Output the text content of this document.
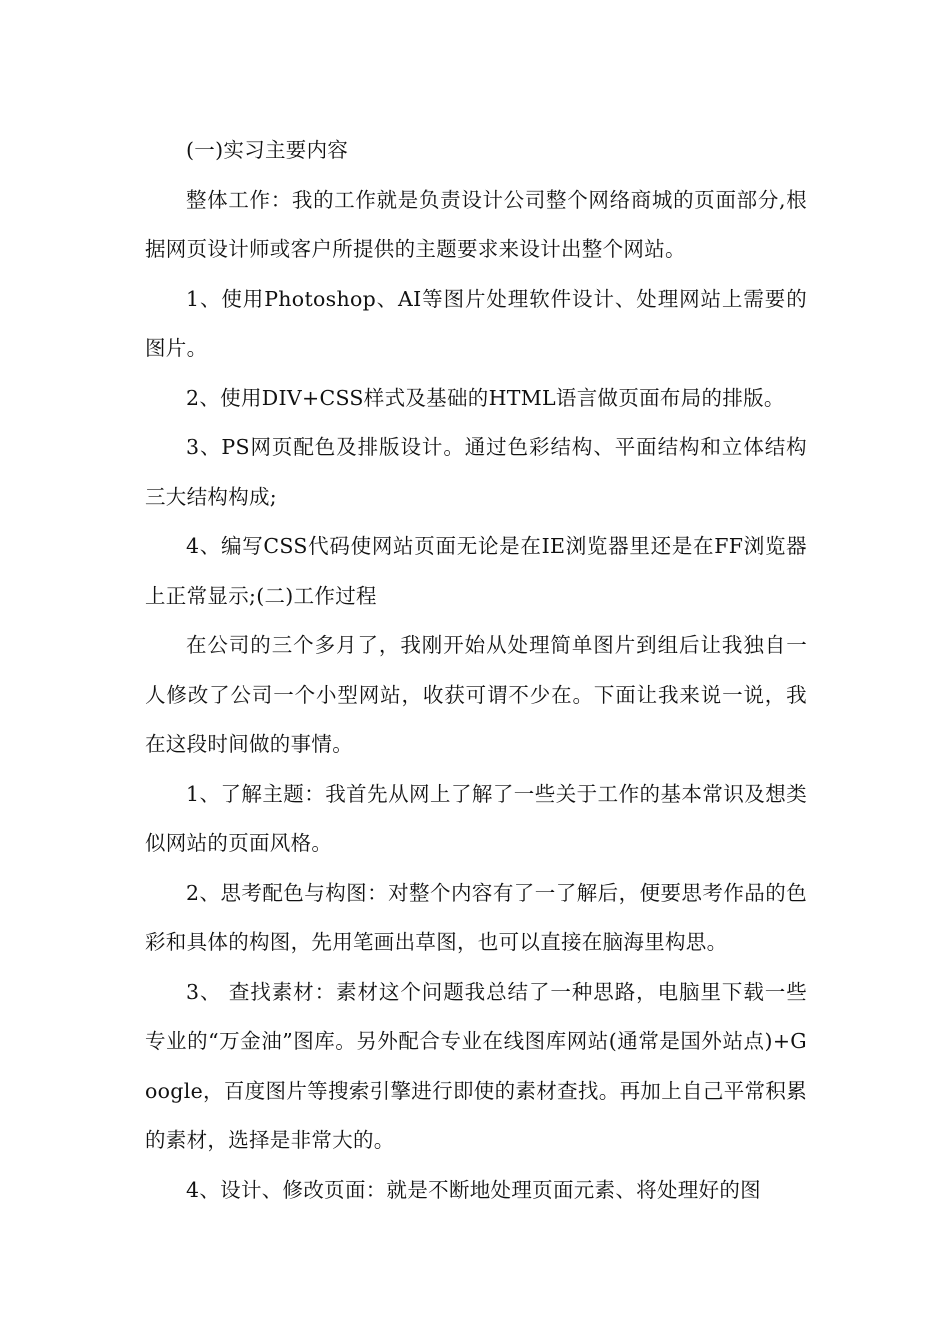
(一)实习主要内容

整体工作：我的工作就是负责设计公司整个网络商城的页面部分,根据网页设计师或客户所提供的主题要求来设计出整个网站。

1、使用Photoshop、AI等图片处理软件设计、处理网站上需要的图片。

2、使用DIV+CSS样式及基础的HTML语言做页面布局的排版。

3、PS网页配色及排版设计。通过色彩结构、平面结构和立体结构三大结构构成;

4、编写CSS代码使网站页面无论是在IE浏览器里还是在FF浏览器上正常显示;(二)工作过程

在公司的三个多月了，我刚开始从处理简单图片到组后让我独自一人修改了公司一个小型网站，收获可谓不少在。下面让我来说一说，我在这段时间做的事情。

1、了解主题：我首先从网上了解了一些关于工作的基本常识及想类似网站的页面风格。

2、思考配色与构图：对整个内容有了一了解后，便要思考作品的色彩和具体的构图，先用笔画出草图，也可以直接在脑海里构思。

3、 查找素材：素材这个问题我总结了一种思路，电脑里下载一些专业的“万金油”图库。另外配合专业在线图库网站(通常是国外站点)+Google，百度图片等搜索引擎进行即使的素材查找。再加上自己平常积累的素材，选择是非常大的。

4、设计、修改页面：就是不断地处理页面元素、将处理好的图
